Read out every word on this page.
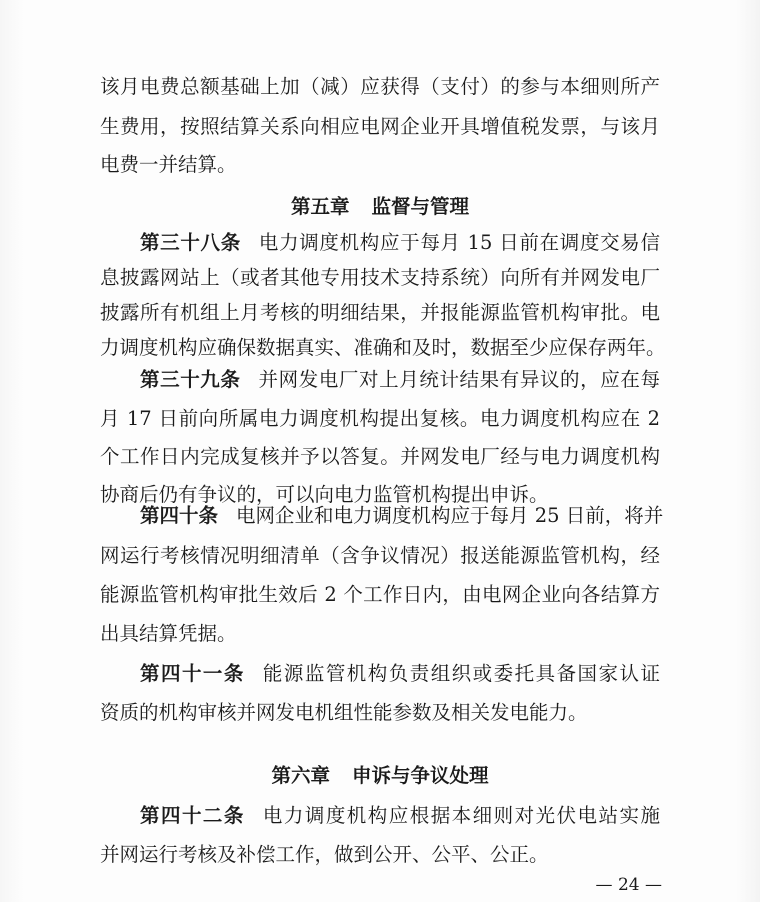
该月电费总额基础上加（减）应获得（支付）的参与本细则所产
生费用，按照结算关系向相应电网企业开具增值税发票，与该月
电费一并结算。
第五章 监督与管理
第三十八条 电力调度机构应于每月 15 日前在调度交易信
息披露网站上（或者其他专用技术支持系统）向所有并网发电厂
披露所有机组上月考核的明细结果，并报能源监管机构审批。电
力调度机构应确保数据真实、准确和及时，数据至少应保存两年。
第三十九条 并网发电厂对上月统计结果有异议的，应在每
月 17 日前向所属电力调度机构提出复核。电力调度机构应在 2
个工作日内完成复核并予以答复。并网发电厂经与电力调度机构
协商后仍有争议的，可以向电力监管机构提出申诉。
第四十条 电网企业和电力调度机构应于每月 25 日前，将并
网运行考核情况明细清单（含争议情况）报送能源监管机构，经
能源监管机构审批生效后 2 个工作日内，由电网企业向各结算方
出具结算凭据。
第四十一条 能源监管机构负责组织或委托具备国家认证
资质的机构审核并网发电机组性能参数及相关发电能力。
第六章 申诉与争议处理
第四十二条 电力调度机构应根据本细则对光伏电站实施
并网运行考核及补偿工作，做到公开、公平、公正。
— 24 —
